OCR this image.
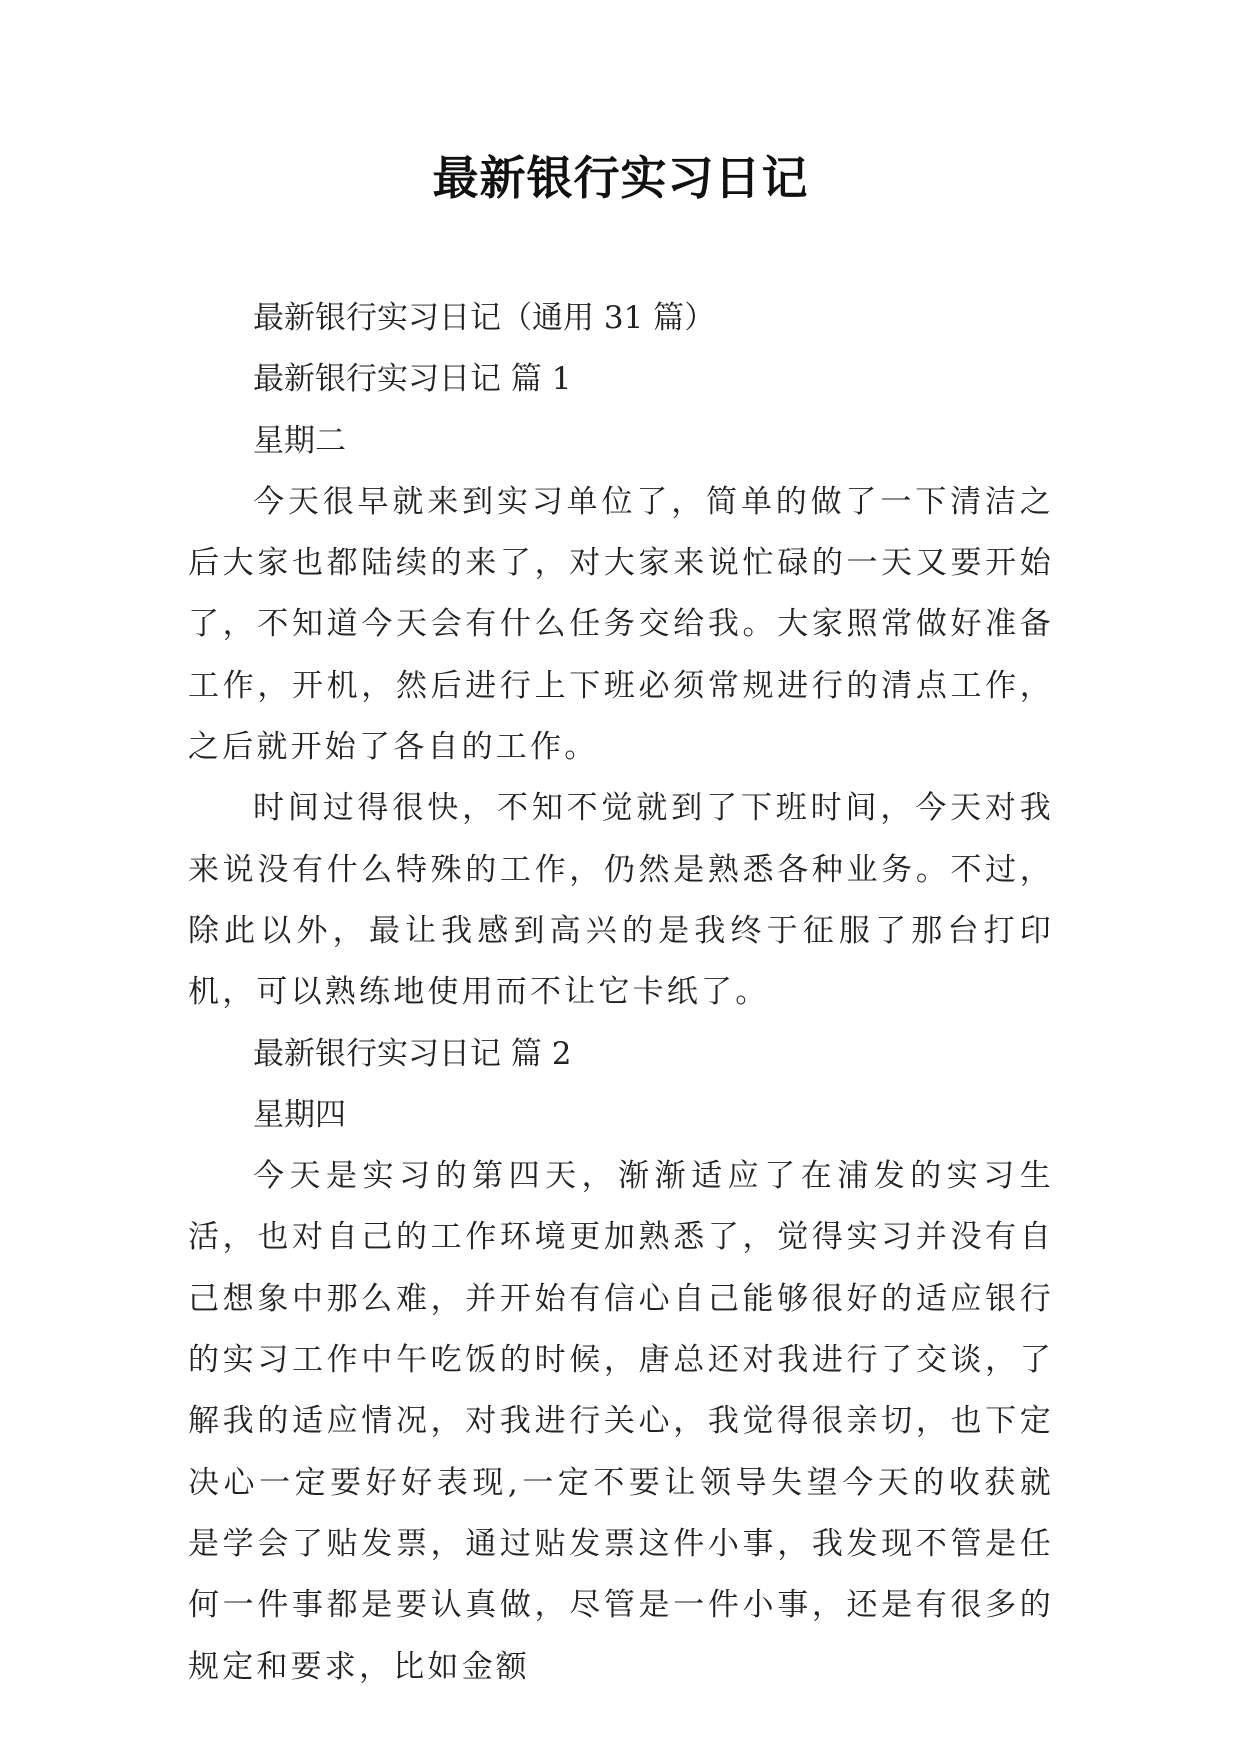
最新银行实习日记

最新银行实习日记（通用 31 篇）

最新银行实习日记 篇 1

星期二

今天很早就来到实习单位了，简单的做了一下清洁之后大家也都陆续的来了，对大家来说忙碌的一天又要开始了，不知道今天会有什么任务交给我。大家照常做好准备工作，开机，然后进行上下班必须常规进行的清点工作，之后就开始了各自的工作。

时间过得很快，不知不觉就到了下班时间，今天对我来说没有什么特殊的工作，仍然是熟悉各种业务。不过，除此以外，最让我感到高兴的是我终于征服了那台打印机，可以熟练地使用而不让它卡纸了。

最新银行实习日记 篇 2

星期四

今天是实习的第四天，渐渐适应了在浦发的实习生活，也对自己的工作环境更加熟悉了，觉得实习并没有自己想象中那么难，并开始有信心自己能够很好的适应银行的实习工作中午吃饭的时候，唐总还对我进行了交谈，了解我的适应情况，对我进行关心，我觉得很亲切，也下定决心一定要好好表现,一定不要让领导失望今天的收获就是学会了贴发票，通过贴发票这件小事，我发现不管是任何一件事都是要认真做，尽管是一件小事，还是有很多的规定和要求，比如金额
